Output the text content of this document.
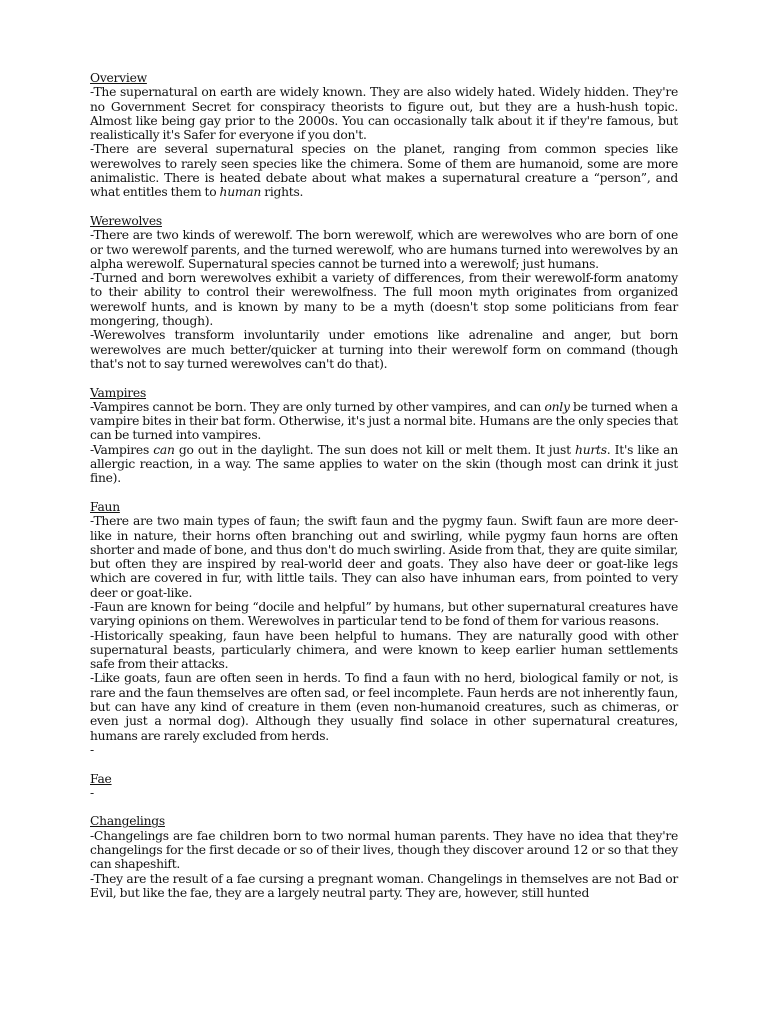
Overview

-The supernatural on earth are widely known. They are also widely hated. Widely hidden. They're no Government Secret for conspiracy theorists to figure out, but they are a hush-hush topic. Almost like being gay prior to the 2000s. You can occasionally talk about it if they're famous, but realistically it's Safer for everyone if you don't.

-There are several supernatural species on the planet, ranging from common species like werewolves to rarely seen species like the chimera. Some of them are humanoid, some are more animalistic. There is heated debate about what makes a supernatural creature a “person”, and what entitles them to human rights.

Werewolves

-There are two kinds of werewolf. The born werewolf, which are werewolves who are born of one or two werewolf parents, and the turned werewolf, who are humans turned into werewolves by an alpha werewolf. Supernatural species cannot be turned into a werewolf; just humans.

-Turned and born werewolves exhibit a variety of differences, from their werewolf-form anatomy to their ability to control their werewolfness. The full moon myth originates from organized werewolf hunts, and is known by many to be a myth (doesn't stop some politicians from fear mongering, though).

-Werewolves transform involuntarily under emotions like adrenaline and anger, but born werewolves are much better/quicker at turning into their werewolf form on command (though that's not to say turned werewolves can't do that).

Vampires

-Vampires cannot be born. They are only turned by other vampires, and can only be turned when a vampire bites in their bat form. Otherwise, it's just a normal bite. Humans are the only species that can be turned into vampires.

-Vampires can go out in the daylight. The sun does not kill or melt them. It just hurts. It's like an allergic reaction, in a way. The same applies to water on the skin (though most can drink it just fine).

Faun

-There are two main types of faun; the swift faun and the pygmy faun. Swift faun are more deer-like in nature, their horns often branching out and swirling, while pygmy faun horns are often shorter and made of bone, and thus don't do much swirling. Aside from that, they are quite similar, but often they are inspired by real-world deer and goats. They also have deer or goat-like legs which are covered in fur, with little tails. They can also have inhuman ears, from pointed to very deer or goat-like.

-Faun are known for being “docile and helpful” by humans, but other supernatural creatures have varying opinions on them. Werewolves in particular tend to be fond of them for various reasons.

-Historically speaking, faun have been helpful to humans. They are naturally good with other supernatural beasts, particularly chimera, and were known to keep earlier human settlements safe from their attacks.

-Like goats, faun are often seen in herds. To find a faun with no herd, biological family or not, is rare and the faun themselves are often sad, or feel incomplete. Faun herds are not inherently faun, but can have any kind of creature in them (even non-humanoid creatures, such as chimeras, or even just a normal dog). Although they usually find solace in other supernatural creatures, humans are rarely excluded from herds.

-

Fae

-

Changelings

-Changelings are fae children born to two normal human parents. They have no idea that they're changelings for the first decade or so of their lives, though they discover around 12 or so that they can shapeshift.

-They are the result of a fae cursing a pregnant woman. Changelings in themselves are not Bad or Evil, but like the fae, they are a largely neutral party. They are, however, still hunted
